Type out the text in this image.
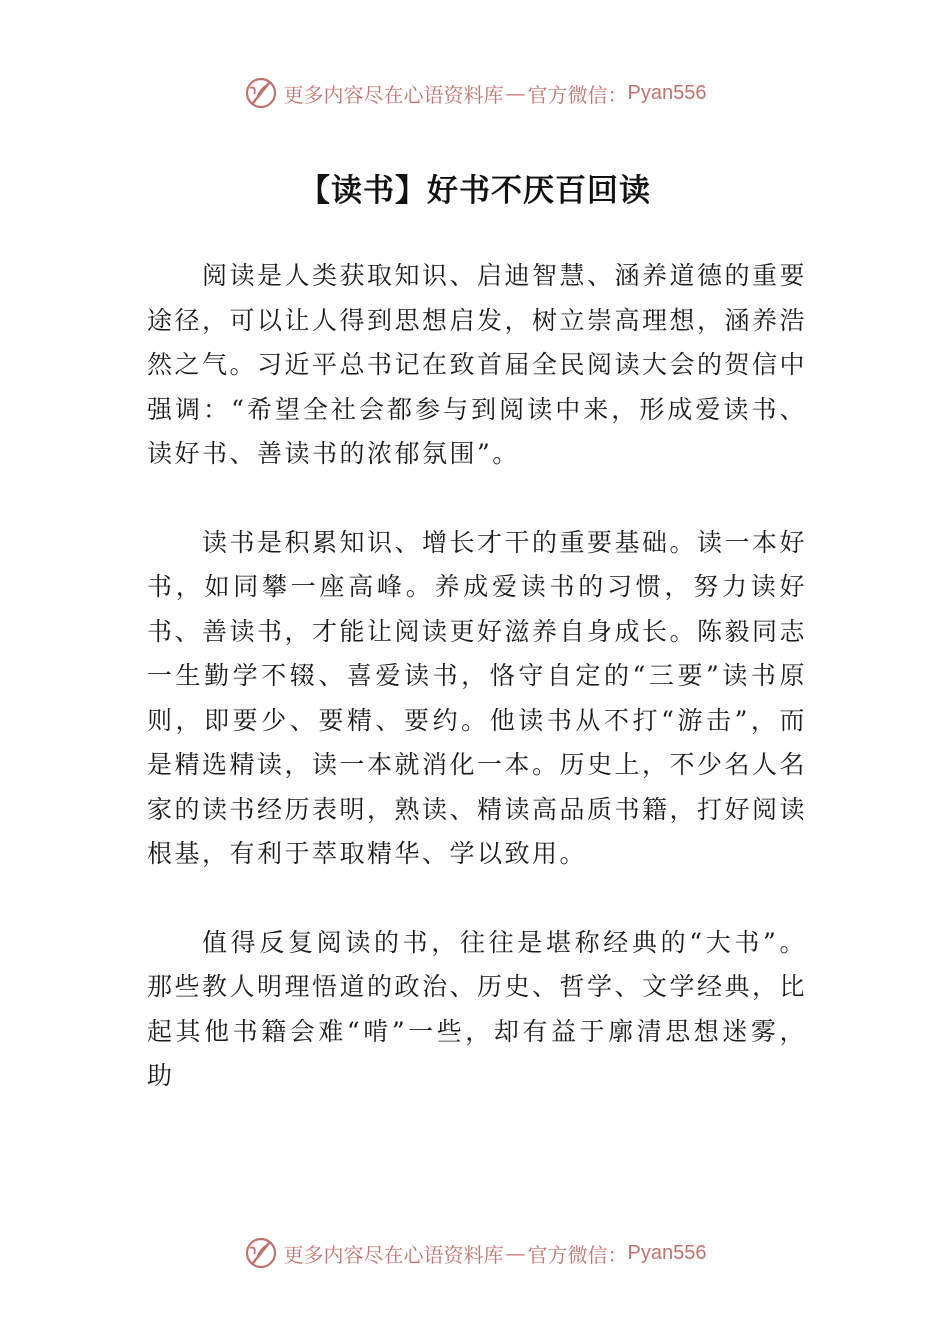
更多内容尽在心语资料库 — 官方微信： Pyan556
【读书】好书不厌百回读

阅读是人类获取知识、启迪智慧、涵养道德的重要途径，可以让人得到思想启发，树立崇高理想，涵养浩然之气。习近平总书记在致首届全民阅读大会的贺信中强调：“希望全社会都参与到阅读中来，形成爱读书、读好书、善读书的浓郁氛围”。

读书是积累知识、增长才干的重要基础。读一本好书，如同攀一座高峰。养成爱读书的习惯，努力读好书、善读书，才能让阅读更好滋养自身成长。陈毅同志一生勤学不辍、喜爱读书，恪守自定的“三要”读书原则，即要少、要精、要约。他读书从不打“游击”，而是精选精读，读一本就消化一本。历史上，不少名人名家的读书经历表明，熟读、精读高品质书籍，打好阅读根基，有利于萃取精华、学以致用。

值得反复阅读的书，往往是堪称经典的“大书”。那些教人明理悟道的政治、历史、哲学、文学经典，比起其他书籍会难“啃”一些，却有益于廓清思想迷雾，助

更多内容尽在心语资料库 — 官方微信： Pyan556
